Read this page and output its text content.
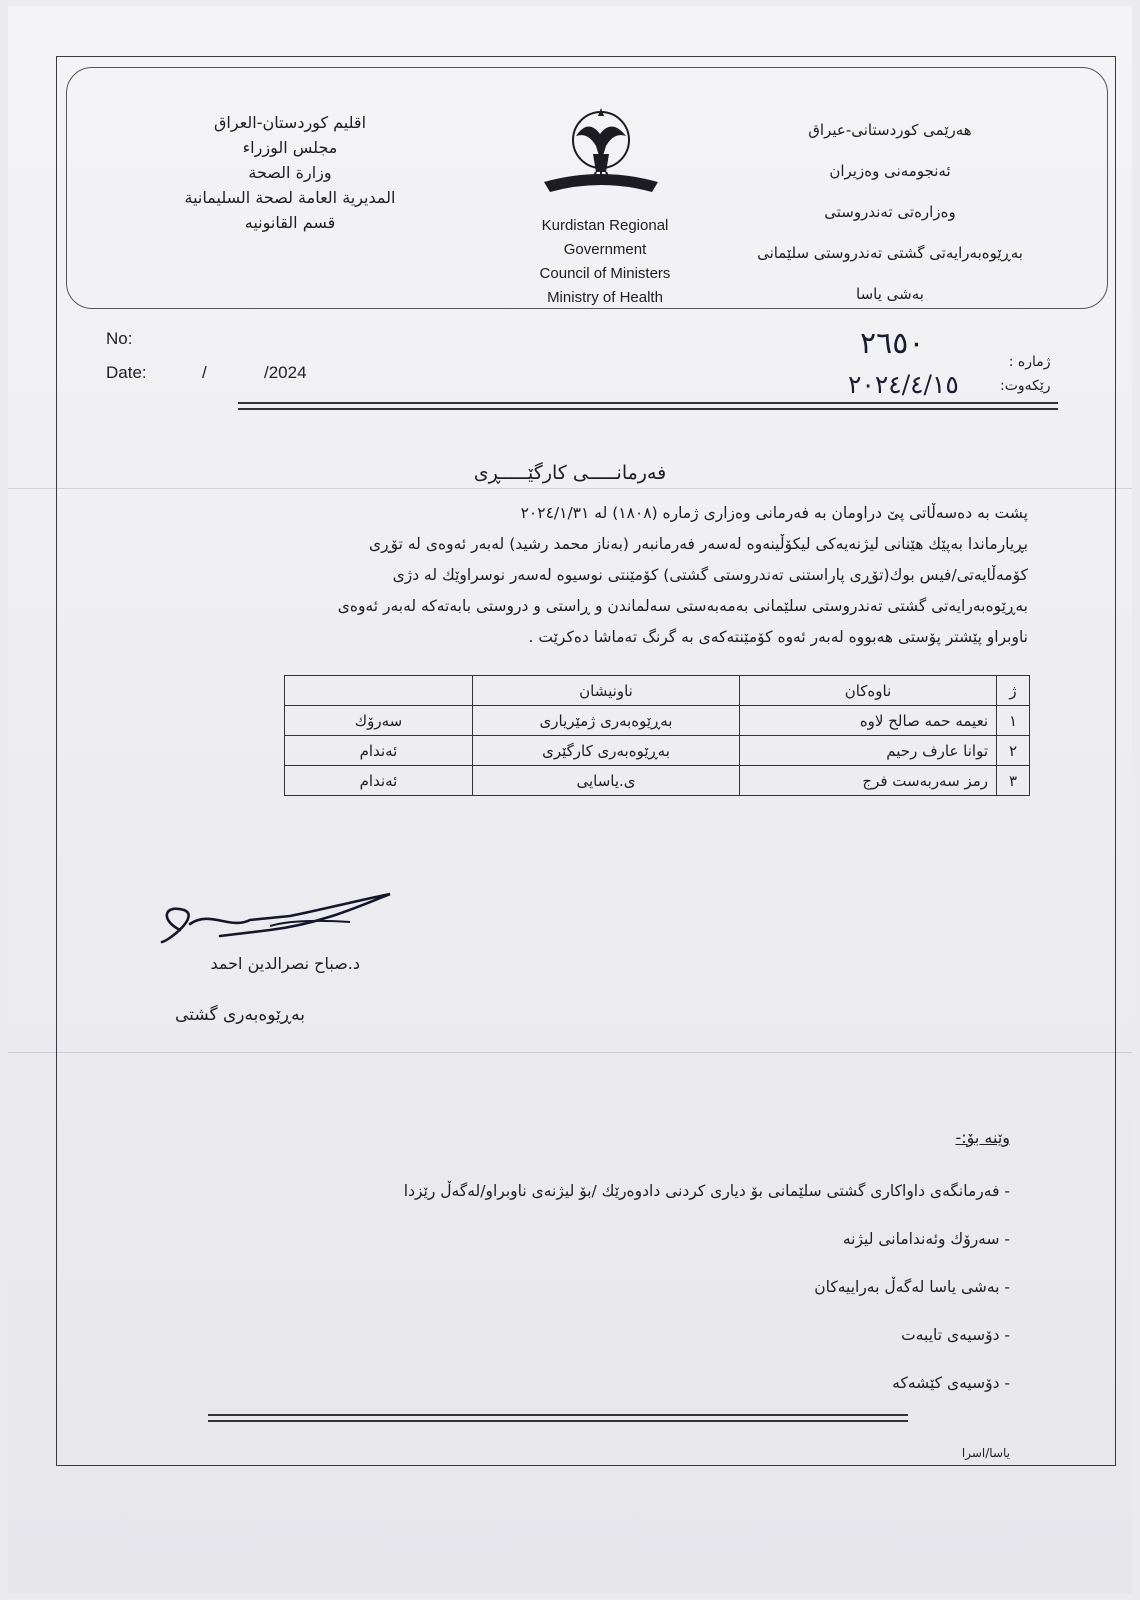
اقليم كوردستان-العراق
مجلس الوزراء
وزارة الصحة
المديرية العامة لصحة السليمانية
قسم القانونيه	Kurdistan Regional
Government
Council of Ministers
Ministry of Health
هەرێمی کوردستانی-عیراق
ئەنجومەنی وەزیران
وەزارەتی تەندروستی
بەڕێوەبەرایەتی گشتی تەندروستی سلێمانی
بەشی یاسا
No:
Date:	/	/2024
ژمارە :
رێکەوت:
٢٦٥٠
٢٠٢٤/٤/١٥
فەرمانـــــی کارگێـــــڕی
پشت بە دەسەڵاتی پێ دراومان بە فەرمانی وەزاری ژمارە (١٨٠٨) لە ٢٠٢٤/١/٣١
بڕیارماندا بەپێك هێنانی لیژنەیەکی لیکۆڵینەوە لەسەر فەرمانبەر (بەناز محمد رشید) لەبەر ئەوەی لە تۆڕی
کۆمەڵایەتی/فیس بوك(تۆڕی پاراستنی تەندروستی گشتی) کۆمێنتی نوسیوە لەسەر نوسراوێك لە دژی
بەڕێوەبەرایەتی گشتی تەندروستی سلێمانی بەمەبەستی سەلماندن و ڕاستی و دروستی بابەتەکە لەبەر ئەوەی
ناوبراو پێشتر پۆستی هەبووە لەبەر ئەوە کۆمێنتەکەی بە گرنگ تەماشا دەکرێت .
ژ	ناوەکان	ناونیشان	
١	نعیمە حمە صالح لاوە	بەڕێوەبەری ژمێریاری	سەرۆك
٢	توانا عارف رحیم	بەڕێوەبەری کارگێری	ئەندام
٣	رمز سەربەست فرج	ی.یاسایی	ئەندام
د.صباح نصرالدین احمد
بەڕێوەبەری گشتی
وێنە بۆ:-
- فەرمانگەی داواکاری گشتی سلێمانی بۆ دیاری کردنی دادوەرێك /بۆ لیژنەی ناوبراو/لەگەڵ رێزدا
- سەرۆك وئەندامانی لیژنە
- بەشی یاسا لەگەڵ بەراییەکان
- دۆسیەی تایبەت
- دۆسیەی کێشەکە
یاسا/اسرا
